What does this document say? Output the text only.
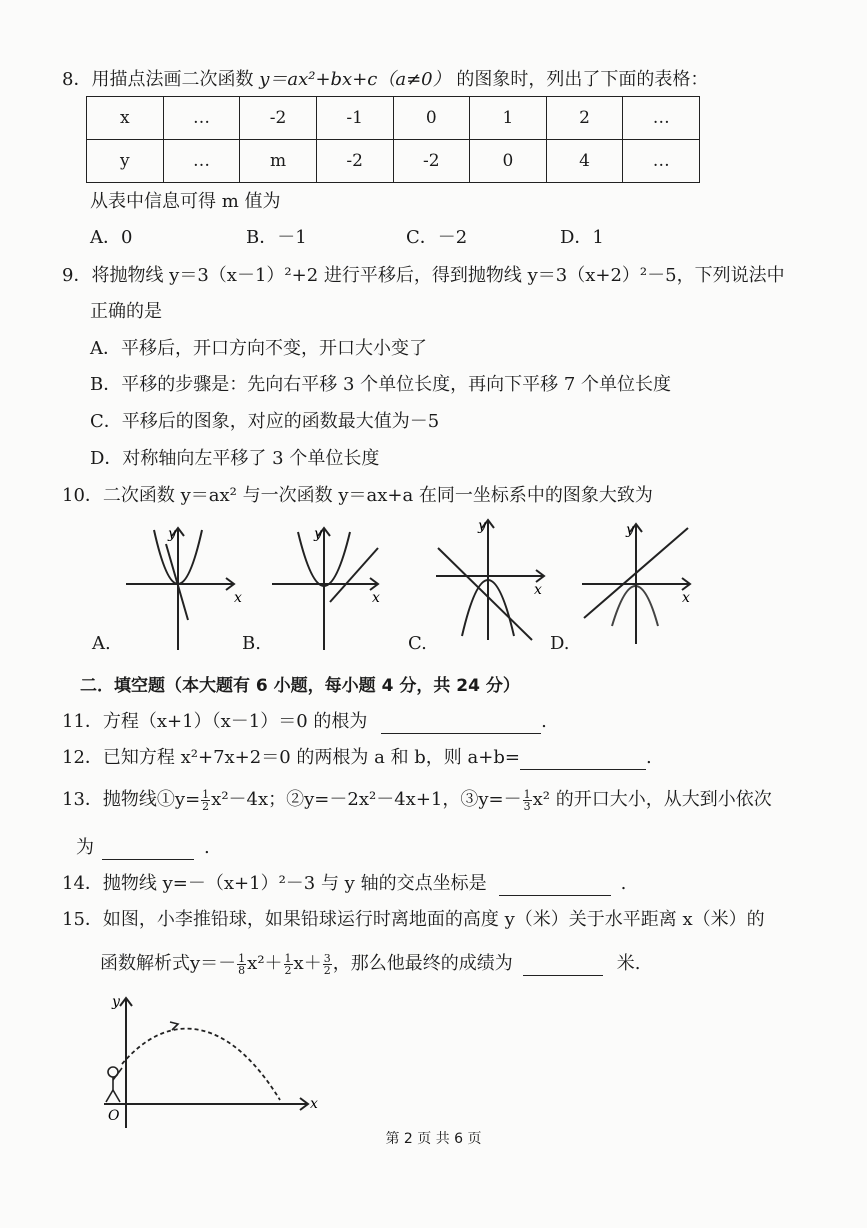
8．用描点法画二次函数 y＝ax²+bx+c（a≠0） 的图象时，列出了下面的表格：
x	…	-2	-1	0	1	2	…
y	…	m	-2	-2	0	4	…
从表中信息可得 m 值为
A．0	B．－1	C．－2	D．1
9．将抛物线 y＝3（x－1）²+2 进行平移后，得到抛物线 y＝3（x+2）²－5，下列说法中
正确的是
A．平移后，开口方向不变，开口大小变了
B．平移的步骤是：先向右平移 3 个单位长度，再向下平移 7 个单位长度
C．平移后的图象，对应的函数最大值为－5
D．对称轴向左平移了 3 个单位长度
10．二次函数 y＝ax² 与一次函数 y＝ax+a 在同一坐标系中的图象大致为
x
y
A.
x
y
B.
x
y
C.
x
y
D.
二．填空题（本大题有 6 小题，每小题 4 分，共 24 分）
11．方程（x+1）（x－1）＝0 的根为	.
12．已知方程 x²+7x+2＝0 的两根为 a 和 b，则 a+b=	.
13．抛物线①y= $\frac{1}{2} x^2-4x$；②y=－2x²－4x+1，③y=－ $\frac{1}{3} x^2$ 的开口大小，从大到小依次
为	.
14．抛物线 y=－（x+1）²－3 与 y 轴的交点坐标是	.
15．如图，小李推铅球，如果铅球运行时离地面的高度 y（米）关于水平距离 x（米）的
函数解析式$y=- \frac{1}{8} x^2+ \frac{1}{2} x+ \frac{3}{2}$ ，那么他最终的成绩为	米.
x
y
O
第 2 页 共 6 页
